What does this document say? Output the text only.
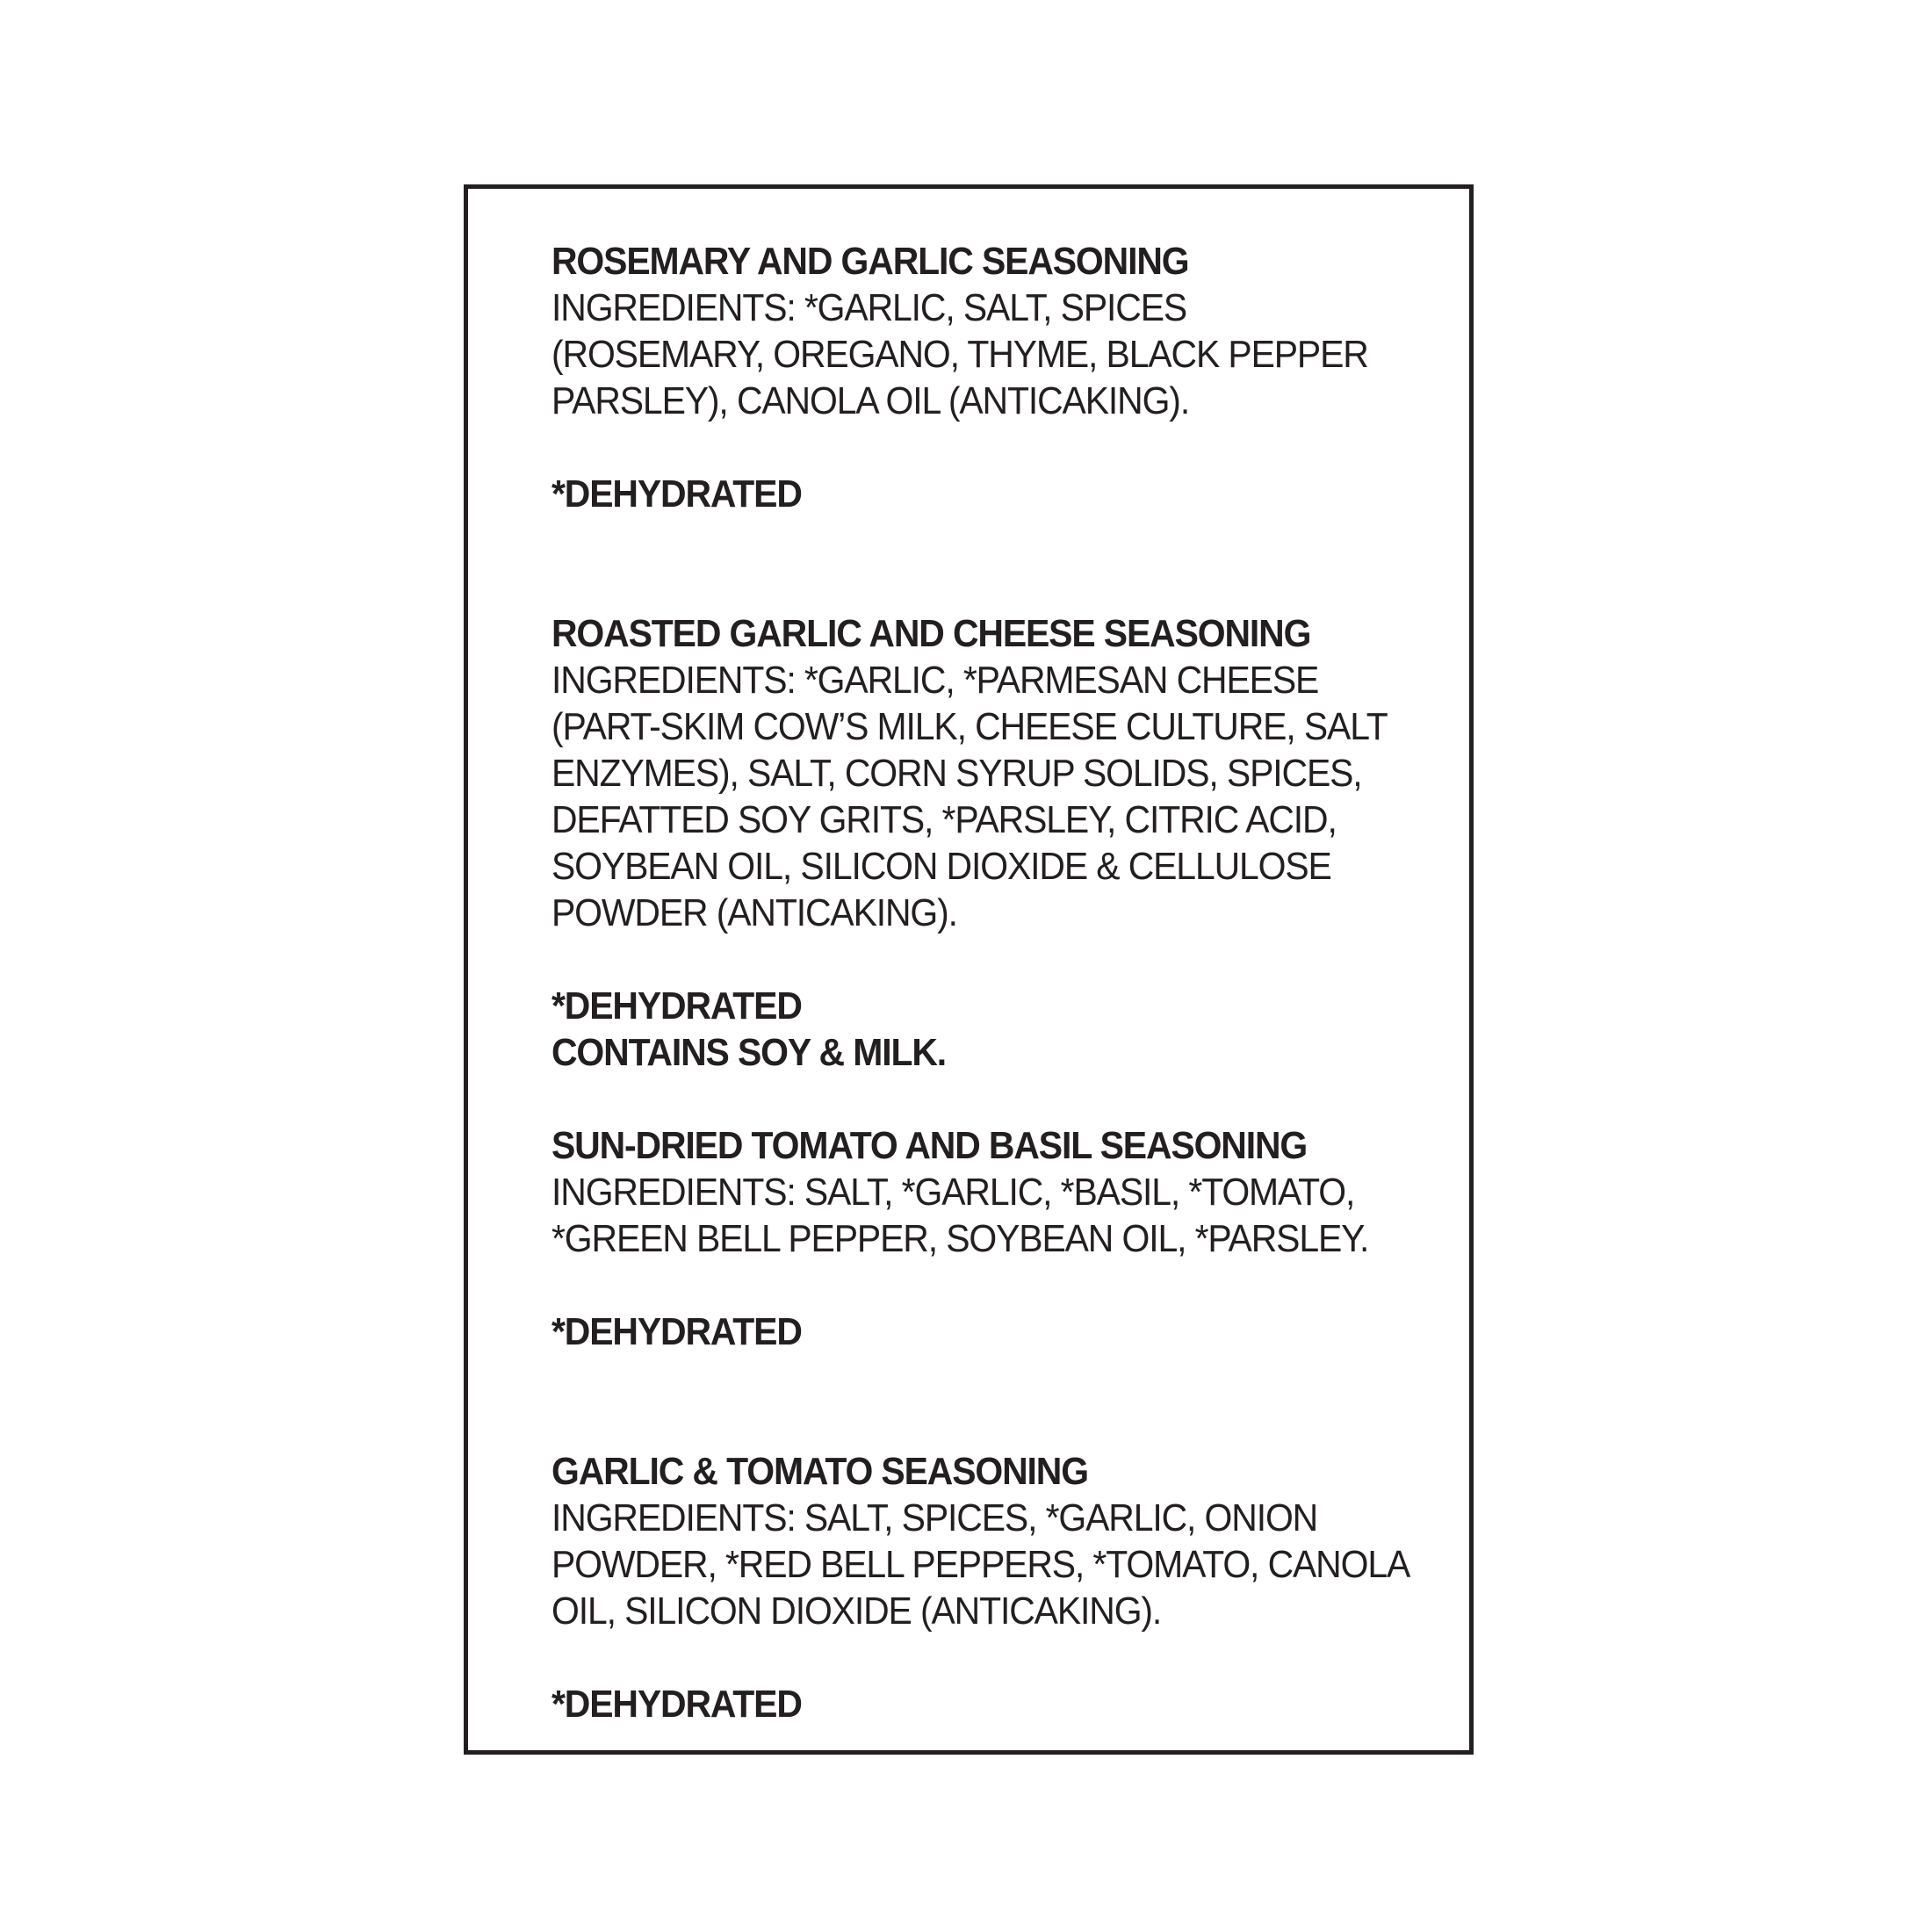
ROSEMARY AND GARLIC SEASONING
INGREDIENTS: *GARLIC, SALT, SPICES
(ROSEMARY, OREGANO, THYME, BLACK PEPPER
PARSLEY), CANOLA OIL (ANTICAKING).
*DEHYDRATED
ROASTED GARLIC AND CHEESE SEASONING
INGREDIENTS: *GARLIC, *PARMESAN CHEESE
(PART-SKIM COW’S MILK, CHEESE CULTURE, SALT
ENZYMES), SALT, CORN SYRUP SOLIDS, SPICES,
DEFATTED SOY GRITS, *PARSLEY, CITRIC ACID,
SOYBEAN OIL, SILICON DIOXIDE & CELLULOSE
POWDER (ANTICAKING).
*DEHYDRATED
CONTAINS SOY & MILK.
SUN-DRIED TOMATO AND BASIL SEASONING
INGREDIENTS: SALT, *GARLIC, *BASIL, *TOMATO,
*GREEN BELL PEPPER, SOYBEAN OIL, *PARSLEY.
*DEHYDRATED
GARLIC & TOMATO SEASONING
INGREDIENTS: SALT, SPICES, *GARLIC, ONION
POWDER, *RED BELL PEPPERS, *TOMATO, CANOLA
OIL, SILICON DIOXIDE (ANTICAKING).
*DEHYDRATED
